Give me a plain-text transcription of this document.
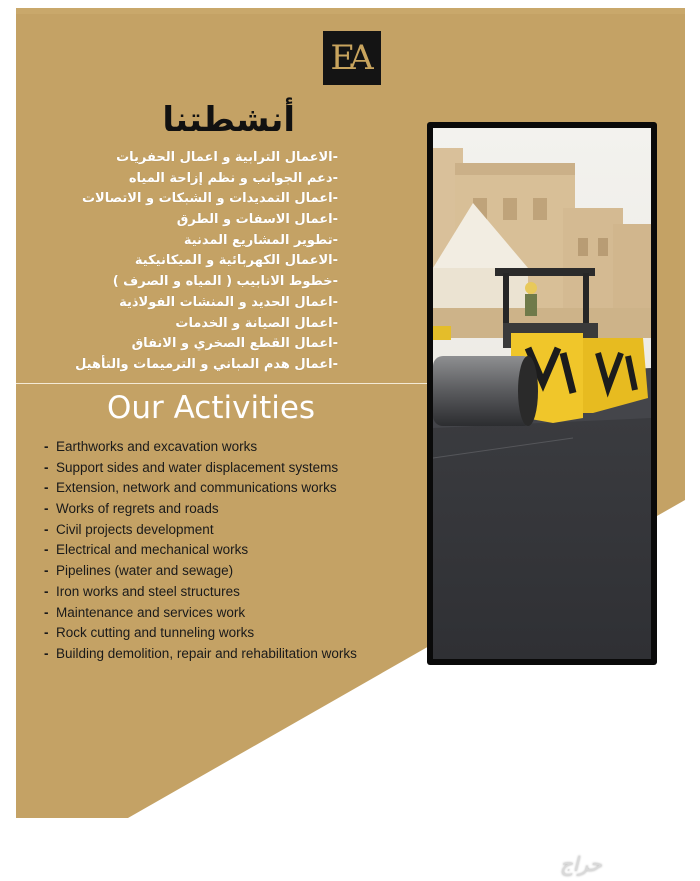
EA
أنشطتنا
-الاعمال الترابية و اعمال الحفريات
-دعم الجوانب و نظم إزاحة المياه
-اعمال التمديدات و الشبكات و الاتصالات
-اعمال الاسفات و الطرق
-تطوير المشاريع المدنية
-الاعمال الكهربائية و الميكانيكية
-خطوط الانابيب ( المياه و الصرف )
-اعمال الحديد و المنشات الفولاذية
-اعمال الصيانة و الخدمات
-اعمال القطع الصخري و الانفاق
-اعمال هدم المباني و الترميمات والتأهيل
Our Activities
- Earthworks and excavation works
- Support sides and water displacement systems
- Extension, network and communications works
- Works of regrets and roads
- Civil projects development
- Electrical and mechanical works
- Pipelines (water and sewage)
- Iron works and steel structures
- Maintenance and services work
- Rock cutting and tunneling works
- Building demolition, repair and rehabilitation works
حراج
